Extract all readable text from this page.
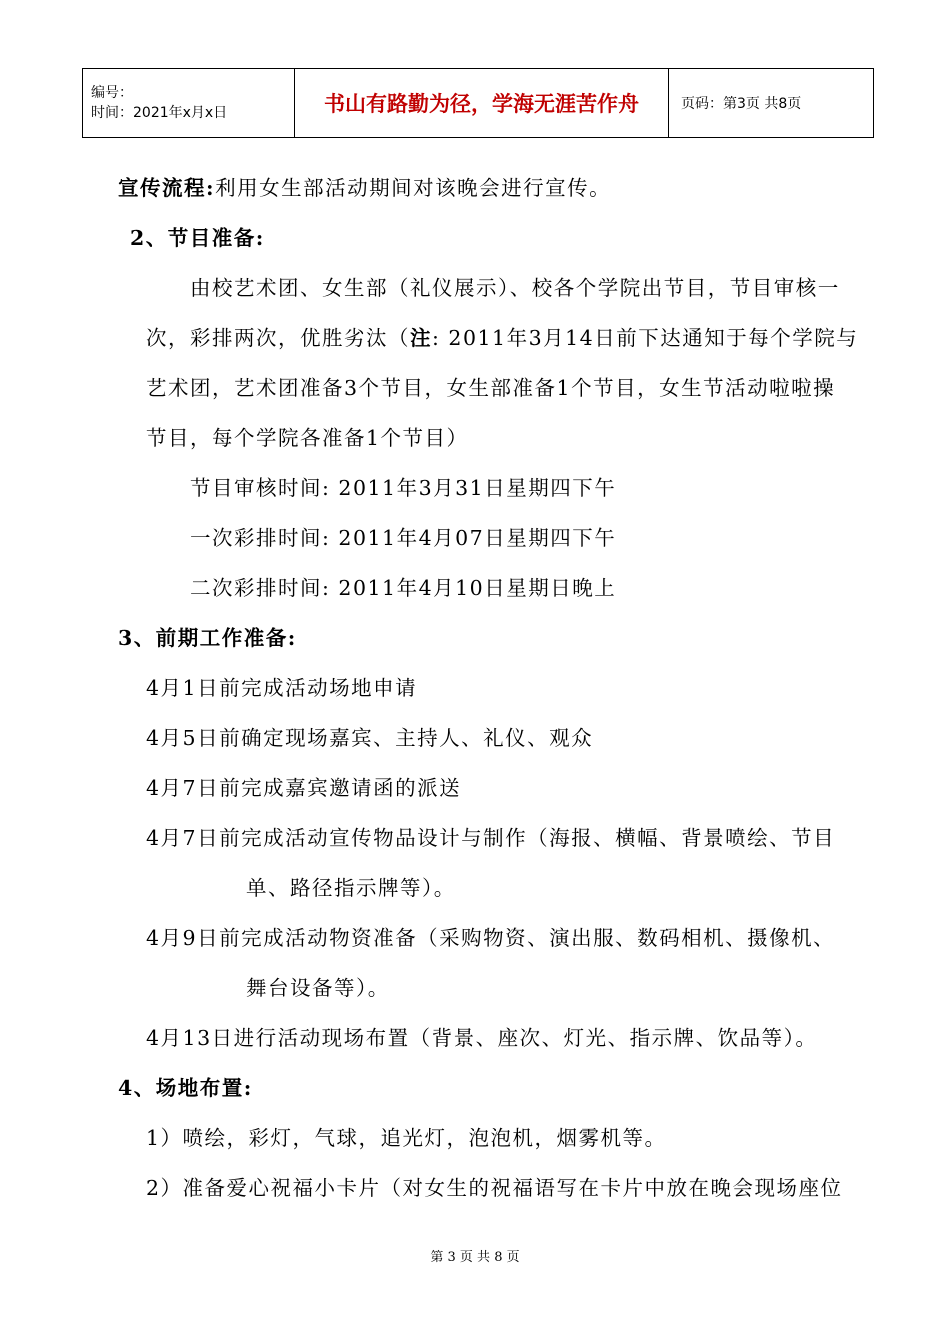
编号：
时间：2021年x月x日	书山有路勤为径，学海无涯苦作舟	页码：第3页 共8页
宣传流程:利用女生部活动期间对该晚会进行宣传。
2、节目准备:
由校艺术团、女生部（礼仪展示）、校各个学院出节目，节目审核一
次，彩排两次，优胜劣汰（注: 2011年3月14日前下达通知于每个学院与
艺术团，艺术团准备3个节目，女生部准备1个节目，女生节活动啦啦操
节目，每个学院各准备1个节目）
节目审核时间: 2011年3月31日星期四下午
一次彩排时间: 2011年4月07日星期四下午
二次彩排时间: 2011年4月10日星期日晚上
3、前期工作准备:
4月1日前完成活动场地申请
4月5日前确定现场嘉宾、主持人、礼仪、观众
4月7日前完成嘉宾邀请函的派送
4月7日前完成活动宣传物品设计与制作（海报、横幅、背景喷绘、节目
单、路径指示牌等）。
4月9日前完成活动物资准备（采购物资、演出服、数码相机、摄像机、
舞台设备等）。
4月13日进行活动现场布置（背景、座次、灯光、指示牌、饮品等）。
4、场地布置:
1）喷绘，彩灯，气球，追光灯，泡泡机，烟雾机等。
2）准备爱心祝福小卡片（对女生的祝福语写在卡片中放在晚会现场座位
第 3 页 共 8 页
